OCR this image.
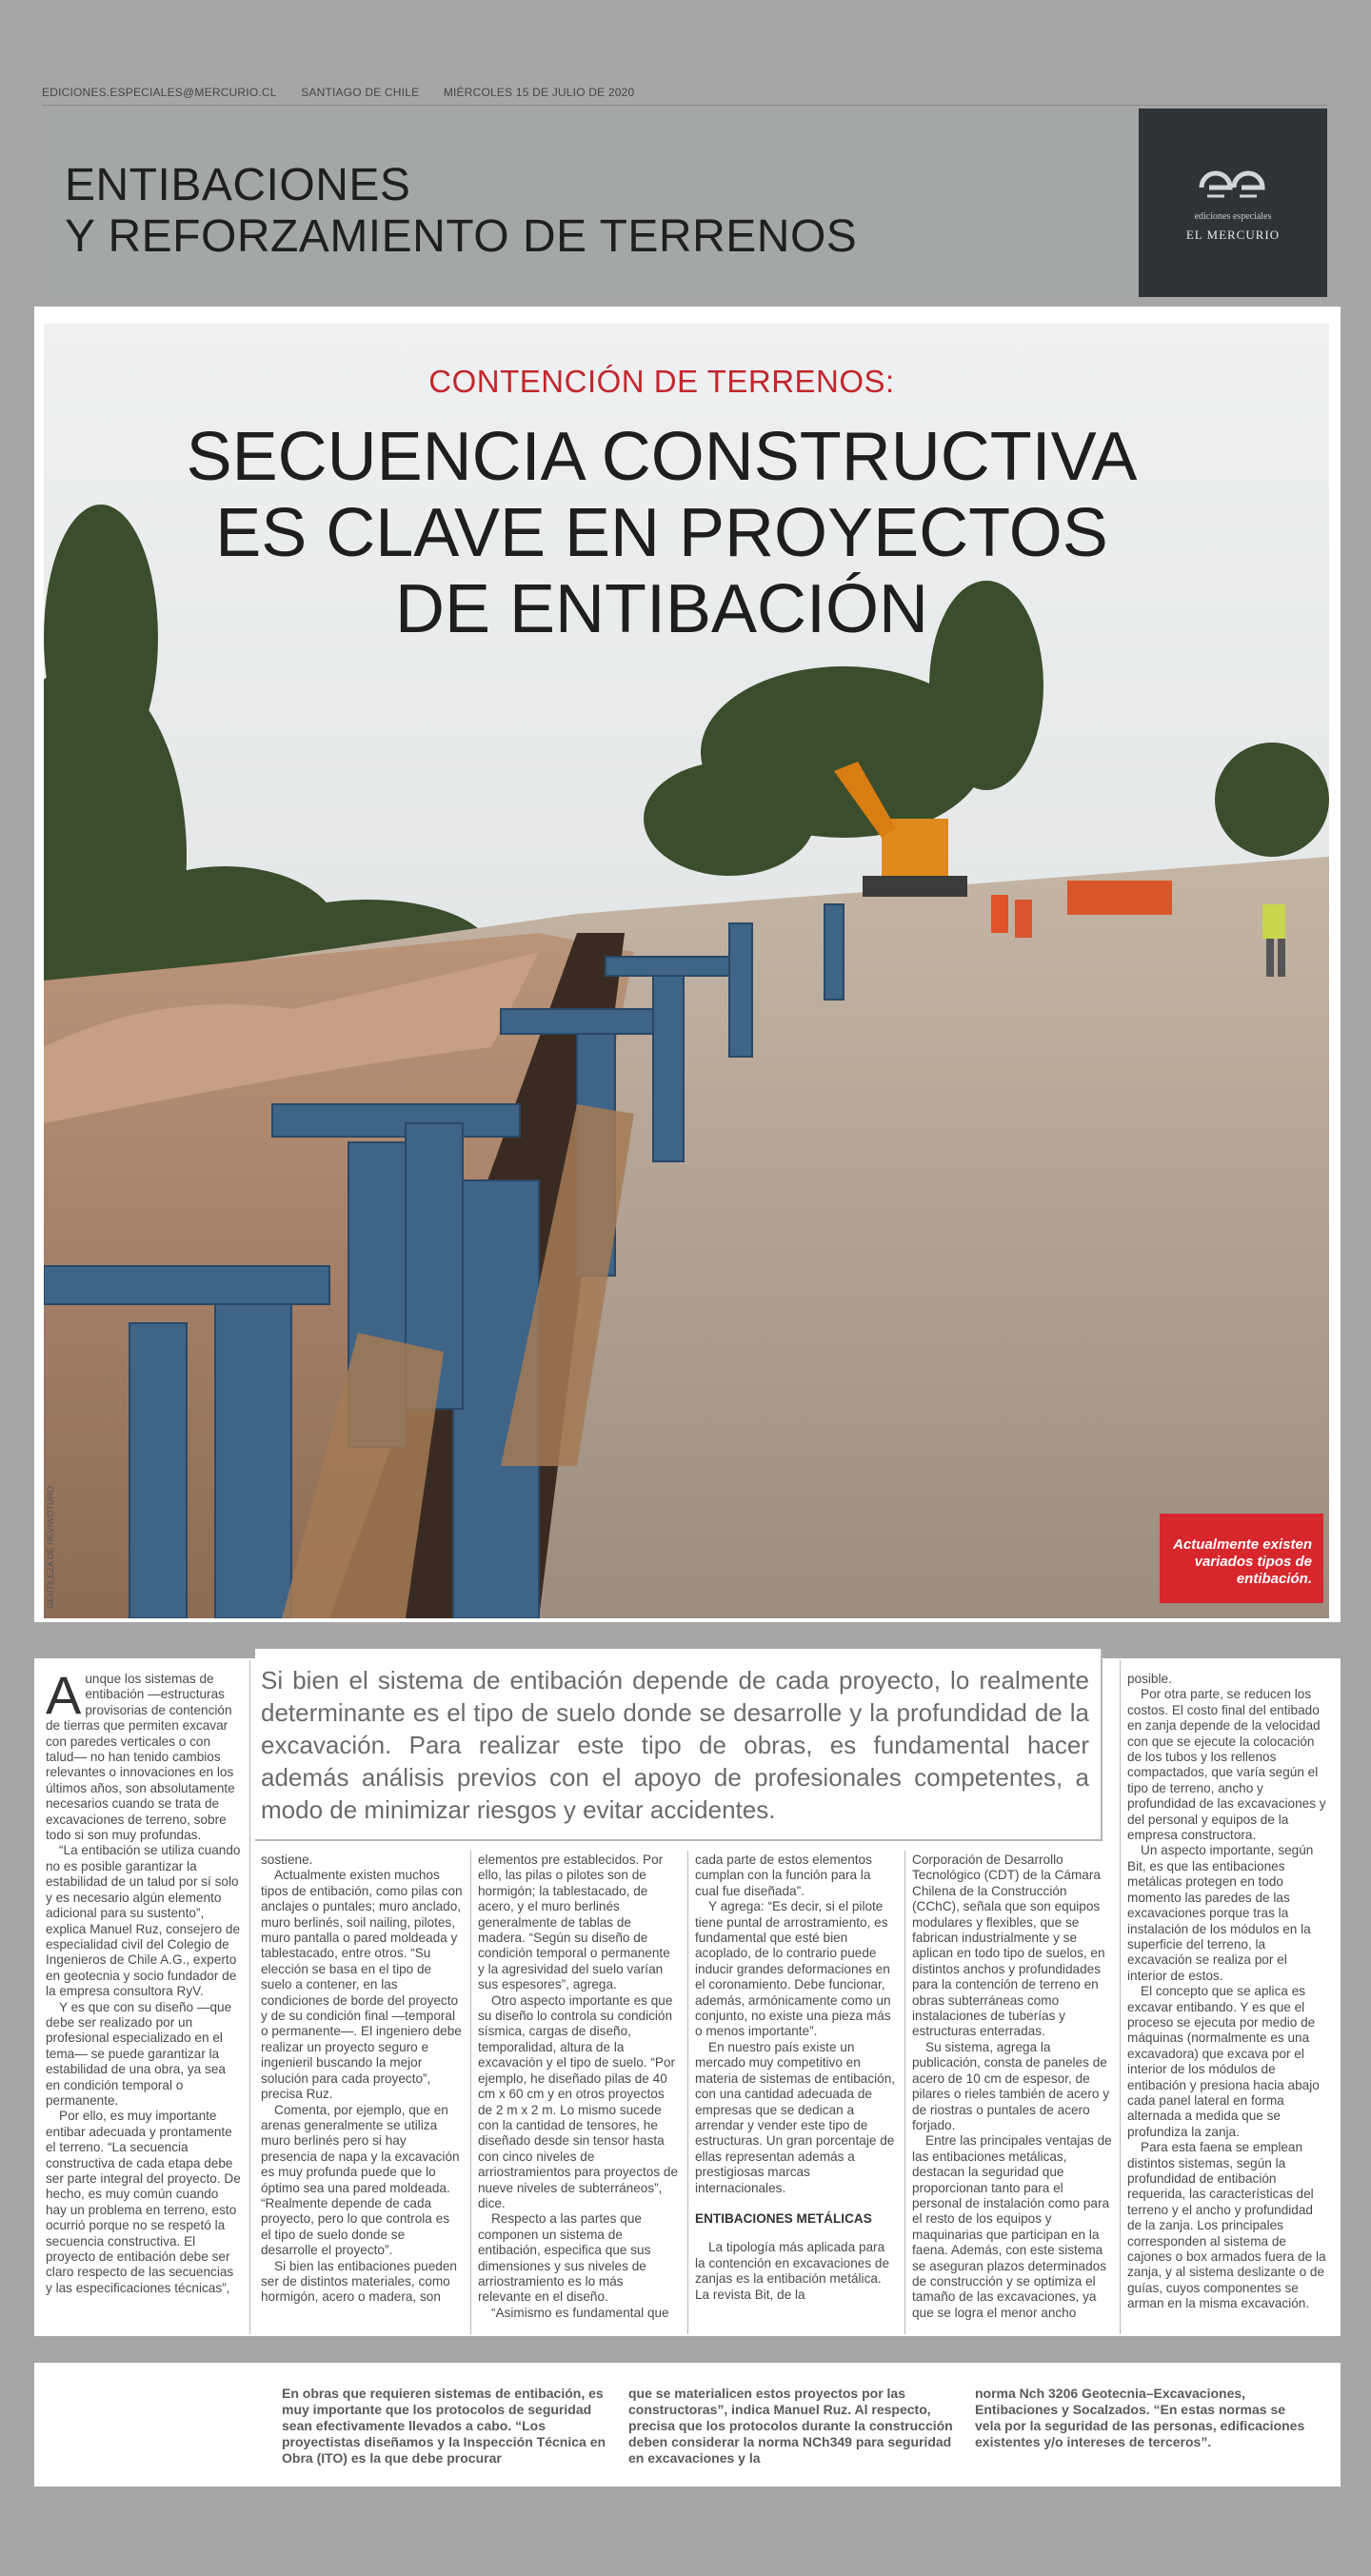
EDICIONES.ESPECIALES@MERCURIO.CL SANTIAGO DE CHILE MIÉRCOLES 15 DE JULIO DE 2020
ENTIBACIONES
Y REFORZAMIENTO DE TERRENOS	ediciones especiales
EL MERCURIO
CONTENCIÓN DE TERRENOS:
SECUENCIA CONSTRUCTIVA
ES CLAVE EN PROYECTOS
DE ENTIBACIÓN
GENTILEZA DE HEVIWOTURO	Actualmente existen variados tipos de entibación.

Aunque los sistemas de entibación —estructuras provisorias de contención de tierras que permiten excavar con paredes verticales o con talud— no han tenido cambios relevantes o innovaciones en los últimos años, son absolutamente necesarios cuando se trata de excavaciones de terreno, sobre todo si son muy profundas.

“La entibación se utiliza cuando no es posible garantizar la estabilidad de un talud por sí solo y es necesario algún elemento adicional para su sustento”, explica Manuel Ruz, consejero de especialidad civil del Colegio de Ingenieros de Chile A.G., experto en geotecnia y socio fundador de la empresa consultora RyV.

Y es que con su diseño —que debe ser realizado por un profesional especializado en el tema— se puede garantizar la estabilidad de una obra, ya sea en condición temporal o permanente.

Por ello, es muy importante entibar adecuada y prontamente el terreno. “La secuencia constructiva de cada etapa debe ser parte integral del proyecto. De hecho, es muy común cuando hay un problema en terreno, esto ocurrió porque no se respetó la secuencia constructiva. El proyecto de entibación debe ser claro respecto de las secuencias y las especificaciones técnicas”,

Si bien el sistema de entibación depende de cada proyecto, lo realmente determinante es el tipo de suelo donde se desarrolle y la profundidad de la excavación. Para realizar este tipo de obras, es fundamental hacer además análisis previos con el apoyo de profesionales competentes, a modo de minimizar riesgos y evitar accidentes.

sostiene.

Actualmente existen muchos tipos de entibación, como pilas con anclajes o puntales; muro anclado, muro berlinés, soil nailing, pilotes, muro pantalla o pared moldeada y tablestacado, entre otros. “Su elección se basa en el tipo de suelo a contener, en las condiciones de borde del proyecto y de su condición final —temporal o permanente—. El ingeniero debe realizar un proyecto seguro e ingenieril buscando la mejor solución para cada proyecto”, precisa Ruz.

Comenta, por ejemplo, que en arenas generalmente se utiliza muro berlinés pero si hay presencia de napa y la excavación es muy profunda puede que lo óptimo sea una pared moldeada. “Realmente depende de cada proyecto, pero lo que controla es el tipo de suelo donde se desarrolle el proyecto”.

Si bien las entibaciones pueden ser de distintos materiales, como hormigón, acero o madera, son

elementos pre establecidos. Por ello, las pilas o pilotes son de hormigón; la tablestacado, de acero, y el muro berlinés generalmente de tablas de madera. “Según su diseño de condición temporal o permanente y la agresividad del suelo varían sus espesores”, agrega.

Otro aspecto importante es que su diseño lo controla su condición sísmica, cargas de diseño, temporalidad, altura de la excavación y el tipo de suelo. “Por ejemplo, he diseñado pilas de 40 cm x 60 cm y en otros proyectos de 2 m x 2 m. Lo mismo sucede con la cantidad de tensores, he diseñado desde sin tensor hasta con cinco niveles de arriostramientos para proyectos de nueve niveles de subterráneos”, dice.

Respecto a las partes que componen un sistema de entibación, especifica que sus dimensiones y sus niveles de arriostramiento es lo más relevante en el diseño.

“Asimismo es fundamental que

cada parte de estos elementos cumplan con la función para la cual fue diseñada”.

Y agrega: “Es decir, si el pilote tiene puntal de arrostramiento, es fundamental que esté bien acoplado, de lo contrario puede inducir grandes deformaciones en el coronamiento. Debe funcionar, además, armónicamente como un conjunto, no existe una pieza más o menos importante”.

En nuestro país existe un mercado muy competitivo en materia de sistemas de entibación, con una cantidad adecuada de empresas que se dedican a arrendar y vender este tipo de estructuras. Un gran porcentaje de ellas representan además a prestigiosas marcas internacionales.

ENTIBACIONES METÁLICAS

La tipología más aplicada para la contención en excavaciones de zanjas es la entibación metálica. La revista Bit, de la

Corporación de Desarrollo Tecnológico (CDT) de la Cámara Chilena de la Construcción (CChC), señala que son equipos modulares y flexibles, que se fabrican industrialmente y se aplican en todo tipo de suelos, en distintos anchos y profundidades para la contención de terreno en obras subterráneas como instalaciones de tuberías y estructuras enterradas.

Su sistema, agrega la publicación, consta de paneles de acero de 10 cm de espesor, de pilares o rieles también de acero y de riostras o puntales de acero forjado.

Entre las principales ventajas de las entibaciones metálicas, destacan la seguridad que proporcionan tanto para el personal de instalación como para el resto de los equipos y maquinarias que participan en la faena. Además, con este sistema se aseguran plazos determinados de construcción y se optimiza el tamaño de las excavaciones, ya que se logra el menor ancho

posible.

Por otra parte, se reducen los costos. El costo final del entibado en zanja depende de la velocidad con que se ejecute la colocación de los tubos y los rellenos compactados, que varía según el tipo de terreno, ancho y profundidad de las excavaciones y del personal y equipos de la empresa constructora.

Un aspecto importante, según Bit, es que las entibaciones metálicas protegen en todo momento las paredes de las excavaciones porque tras la instalación de los módulos en la superficie del terreno, la excavación se realiza por el interior de estos.

El concepto que se aplica es excavar entibando. Y es que el proceso se ejecuta por medio de máquinas (normalmente es una excavadora) que excava por el interior de los módulos de entibación y presiona hacia abajo cada panel lateral en forma alternada a medida que se profundiza la zanja.

Para esta faena se emplean distintos sistemas, según la profundidad de entibación requerida, las características del terreno y el ancho y profundidad de la zanja. Los principales corresponden al sistema de cajones o box armados fuera de la zanja, y al sistema deslizante o de guías, cuyos componentes se arman en la misma excavación.

PROTOCOLOS
DE SEGURIDAD
En obras que requieren sistemas de entibación, es muy importante que los protocolos de seguridad sean efectivamente llevados a cabo. “Los proyectistas diseñamos y la Inspección Técnica en Obra (ITO) es la que debe procurar
que se materialicen estos proyectos por las constructoras”, indica Manuel Ruz. Al respecto, precisa que los protocolos durante la construcción deben considerar la norma NCh349 para seguridad en excavaciones y la
norma Nch 3206 Geotecnia–Excavaciones, Entibaciones y Socalzados. “En estas normas se vela por la seguridad de las personas, edificaciones existentes y/o intereses de terceros”.
